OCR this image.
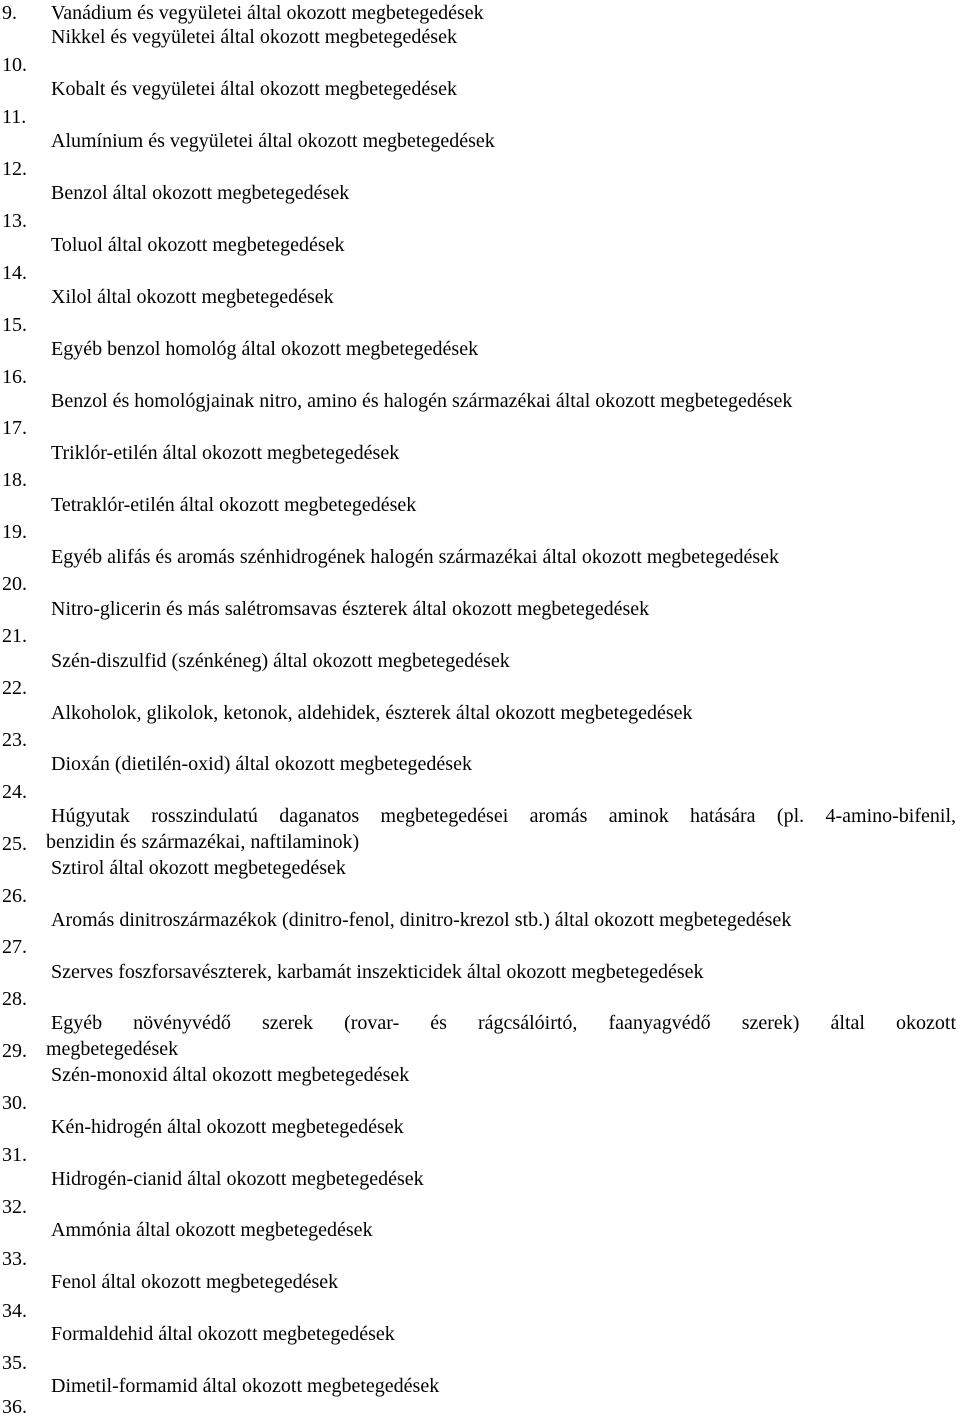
9.
10.
11.
12.
13.
14.
15.
16.
17.
18.
19.
20.
21.
22.
23.
24.
25.
26.
27.
28.
29.
30.
31.
32.
33.
34.
35.
36.
Vanádium és vegyületei által okozott megbetegedések
Nikkel és vegyületei által okozott megbetegedések
Kobalt és vegyületei által okozott megbetegedések
Alumínium és vegyületei által okozott megbetegedések
Benzol által okozott megbetegedések
Toluol által okozott megbetegedések
Xilol által okozott megbetegedések
Egyéb benzol homológ által okozott megbetegedések
Benzol és homológjainak nitro, amino és halogén származékai által okozott megbetegedések
Triklór-etilén által okozott megbetegedések
Tetraklór-etilén által okozott megbetegedések
Egyéb alifás és aromás szénhidrogének halogén származékai által okozott megbetegedések
Nitro-glicerin és más salétromsavas észterek által okozott megbetegedések
Szén-diszulfid (szénkéneg) által okozott megbetegedések
Alkoholok, glikolok, ketonok, aldehidek, észterek által okozott megbetegedések
Dioxán (dietilén-oxid) által okozott megbetegedések
Húgyutak rosszindulatú daganatos megbetegedései aromás aminok hatására (pl. 4-amino-bifenil,
benzidin és származékai, naftilaminok)
Sztirol által okozott megbetegedések
Aromás dinitroszármazékok (dinitro-fenol, dinitro-krezol stb.) által okozott megbetegedések
Szerves foszforsavészterek, karbamát inszekticidek által okozott megbetegedések
Egyéb növényvédő szerek (rovar- és rágcsálóirtó, faanyagvédő szerek) által okozott
megbetegedések
Szén-monoxid által okozott megbetegedések
Kén-hidrogén által okozott megbetegedések
Hidrogén-cianid által okozott megbetegedések
Ammónia által okozott megbetegedések
Fenol által okozott megbetegedések
Formaldehid által okozott megbetegedések
Dimetil-formamid által okozott megbetegedések
